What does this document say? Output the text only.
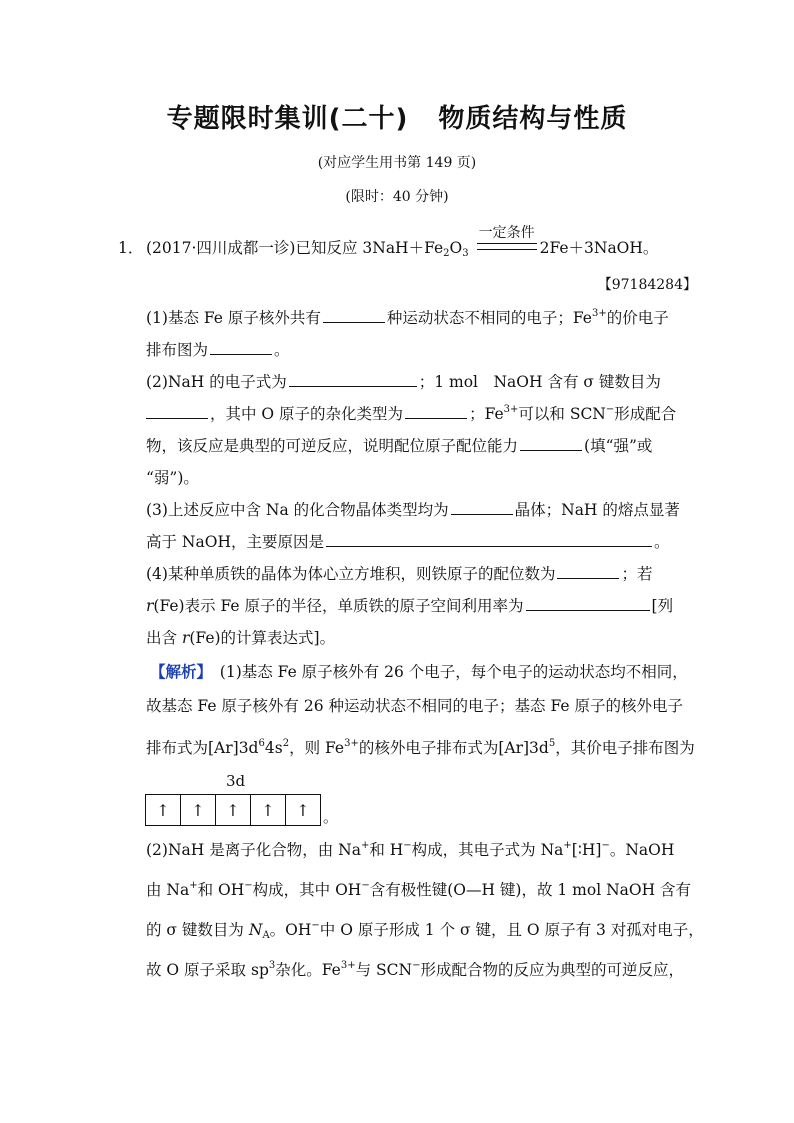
专题限时集训(二十) 物质结构与性质
(对应学生用书第 149 页)
(限时：40 分钟)
1． (2017·四川成都一诊)已知反应 $3NaH+Fe_2O_3$
一定条件
2Fe＋3NaOH。
【97184284】
(1)基态 Fe 原子核外共有	种运动状态不相同的电子；$Fe^{3+}$的价电子
排布图为	。
(2)NaH 的电子式为	；1 mol　NaOH 含有 σ 键数目为
，其中 O 原子的杂化类型为	；$Fe^{3+}$可以和 SCN−形成配合
物，该反应是典型的可逆反应，说明配位原子配位能力	(填“强”或
“弱”)。
(3)上述反应中含 Na 的化合物晶体类型均为	晶体；NaH 的熔点显著
高于 NaOH，主要原因是	。
(4)某种单质铁的晶体为体心立方堆积，则铁原子的配位数为	；若
r(Fe)表示 Fe 原子的半径，单质铁的原子空间利用率为	[列
出含 r(Fe)的计算表达式]。
【解析】　 (1)基态 Fe 原子核外有 26 个电子，每个电子的运动状态均不相同，
故基态 Fe 原子核外有 26 种运动状态不相同的电子；基态 Fe 原子的核外电子
排布式为$[Ar]3d^64s^2$，则 $Fe^{3+}$的核外电子排布式为$[Ar]3d^5$，其价电子排布图为
3d
↑ ↑ ↑ ↑ ↑ 。
(2)NaH 是离子化合物，由 Na+和 H−构成，其电子式为 Na+[∶H]−。NaOH
由 Na+和 OH−构成，其中 OH−含有极性键(O—H 键)，故 1 mol NaOH 含有
的 σ 键数目为 $N_A$。OH−中 O 原子形成 1 个 σ 键，且 O 原子有 3 对孤对电子，
故 O 原子采取 $sp^3$杂化。$Fe^{3+}$与 SCN−形成配合物的反应为典型的可逆反应，
